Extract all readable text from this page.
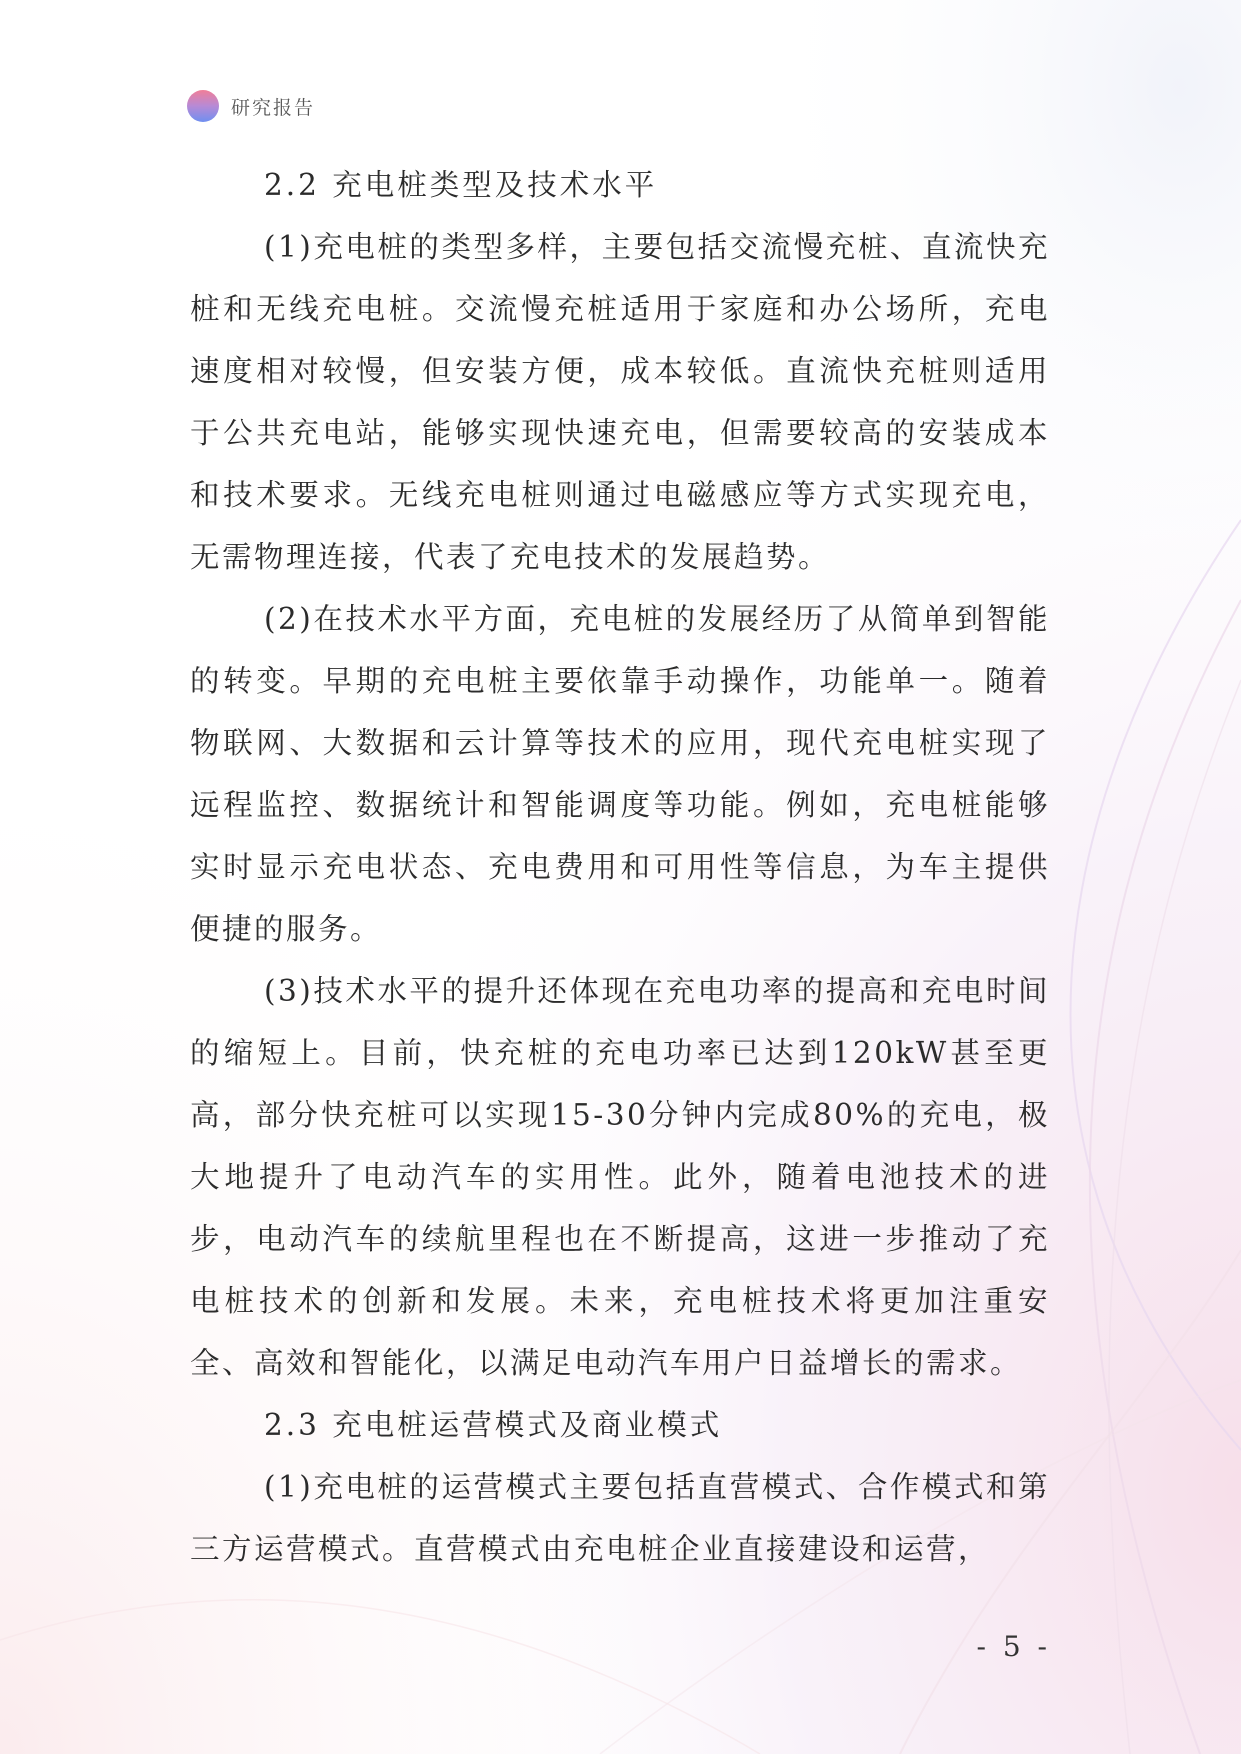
研究报告

2.2 充电桩类型及技术水平

(1)充电桩的类型多样，主要包括交流慢充桩、直流快充桩和无线充电桩。交流慢充桩适用于家庭和办公场所，充电速度相对较慢，但安装方便，成本较低。直流快充桩则适用于公共充电站，能够实现快速充电，但需要较高的安装成本和技术要求。无线充电桩则通过电磁感应等方式实现充电，无需物理连接，代表了充电技术的发展趋势。

(2)在技术水平方面，充电桩的发展经历了从简单到智能的转变。早期的充电桩主要依靠手动操作，功能单一。随着物联网、大数据和云计算等技术的应用，现代充电桩实现了远程监控、数据统计和智能调度等功能。例如，充电桩能够实时显示充电状态、充电费用和可用性等信息，为车主提供便捷的服务。

(3)技术水平的提升还体现在充电功率的提高和充电时间的缩短上。目前，快充桩的充电功率已达到120kW甚至更高，部分快充桩可以实现15-30分钟内完成80%的充电，极大地提升了电动汽车的实用性。此外，随着电池技术的进步，电动汽车的续航里程也在不断提高，这进一步推动了充电桩技术的创新和发展。未来，充电桩技术将更加注重安全、高效和智能化，以满足电动汽车用户日益增长的需求。

2.3 充电桩运营模式及商业模式

(1)充电桩的运营模式主要包括直营模式、合作模式和第三方运营模式。直营模式由充电桩企业直接建设和运营，

- 5 -
